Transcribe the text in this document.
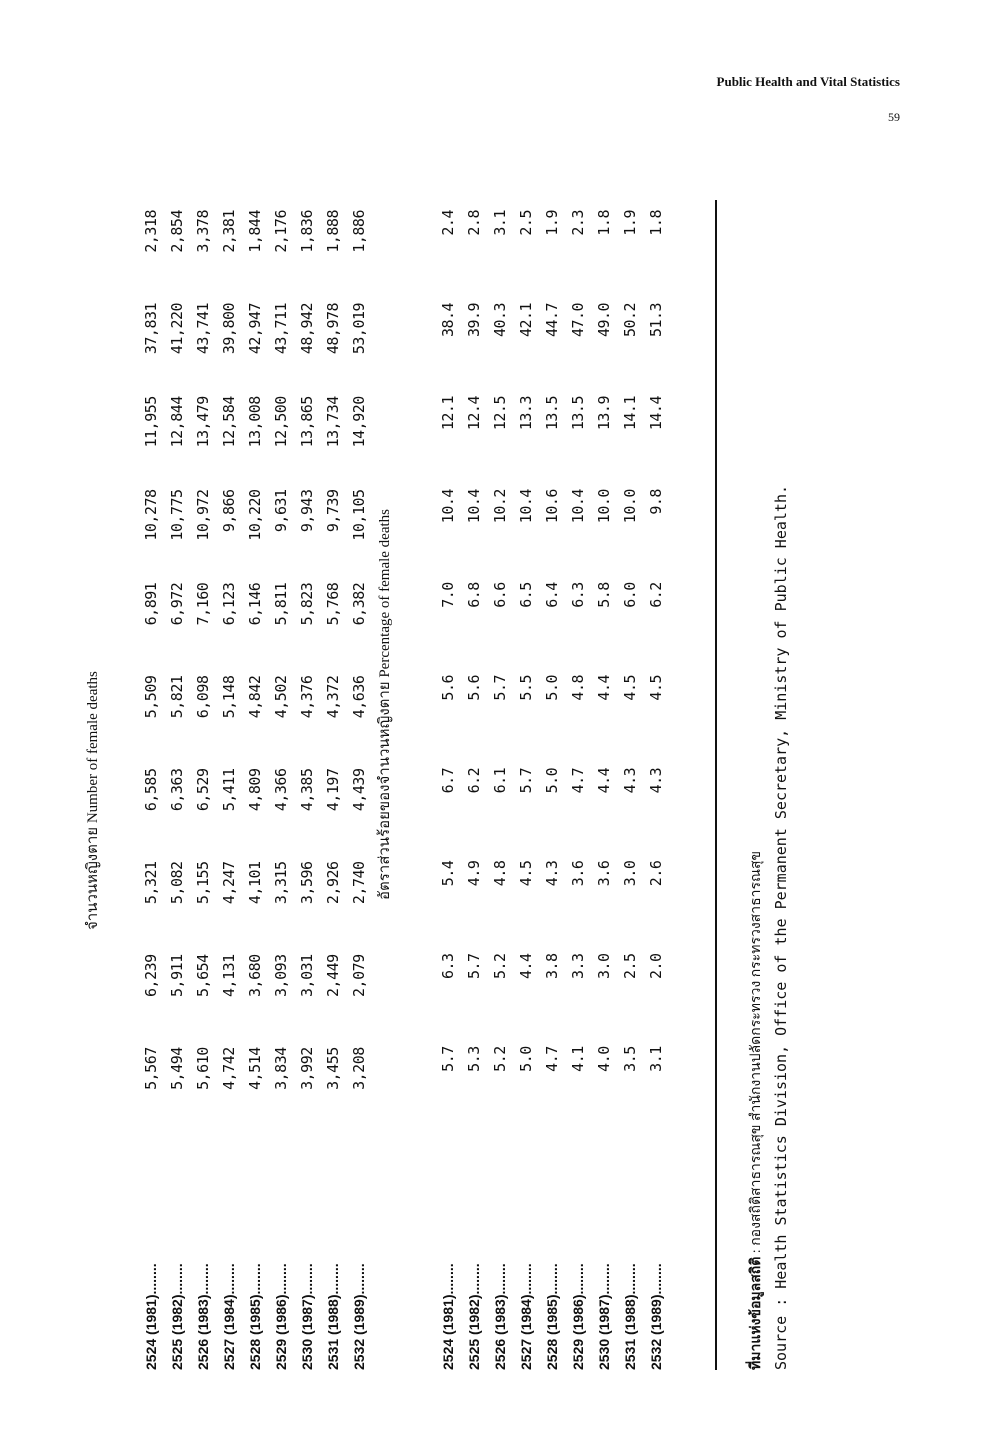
Public Health and Vital Statistics
59
จำนวนหญิงตาย Number of female deaths
2524 (1981)........	5,567	6,239	5,321	6,585	5,509	6,891	10,278	11,955	37,831	2,318
2525 (1982)........	5,494	5,911	5,082	6,363	5,821	6,972	10,775	12,844	41,220	2,854
2526 (1983)........	5,610	5,654	5,155	6,529	6,098	7,160	10,972	13,479	43,741	3,378
2527 (1984)........	4,742	4,131	4,247	5,411	5,148	6,123	9,866	12,584	39,800	2,381
2528 (1985)........	4,514	3,680	4,101	4,809	4,842	6,146	10,220	13,008	42,947	1,844
2529 (1986)........	3,834	3,093	3,315	4,366	4,502	5,811	9,631	12,500	43,711	2,176
2530 (1987)........	3,992	3,031	3,596	4,385	4,376	5,823	9,943	13,865	48,942	1,836
2531 (1988)........	3,455	2,449	2,926	4,197	4,372	5,768	9,739	13,734	48,978	1,888
2532 (1989)........	3,208	2,079	2,740	4,439	4,636	6,382	10,105	14,920	53,019	1,886
อัตราส่วนร้อยของจำนวนหญิงตาย Percentage of female deaths
2524 (1981)........	5.7	6.3	5.4	6.7	5.6	7.0	10.4	12.1	38.4	2.4
2525 (1982)........	5.3	5.7	4.9	6.2	5.6	6.8	10.4	12.4	39.9	2.8
2526 (1983)........	5.2	5.2	4.8	6.1	5.7	6.6	10.2	12.5	40.3	3.1
2527 (1984)........	5.0	4.4	4.5	5.7	5.5	6.5	10.4	13.3	42.1	2.5
2528 (1985)........	4.7	3.8	4.3	5.0	5.0	6.4	10.6	13.5	44.7	1.9
2529 (1986)........	4.1	3.3	3.6	4.7	4.8	6.3	10.4	13.5	47.0	2.3
2530 (1987)........	4.0	3.0	3.6	4.4	4.4	5.8	10.0	13.9	49.0	1.8
2531 (1988)........	3.5	2.5	3.0	4.3	4.5	6.0	10.0	14.1	50.2	1.9
2532 (1989)........	3.1	2.0	2.6	4.3	4.5	6.2	9.8	14.4	51.3	1.8
ที่มาแห่งข้อมูลสถิติ : กองสถิติสาธารณสุข สำนักงานปลัดกระทรวง กระทรวงสาธารณสุข Source : Health Statistics Division, Office of the Permanent Secretary, Ministry of Public Health.
